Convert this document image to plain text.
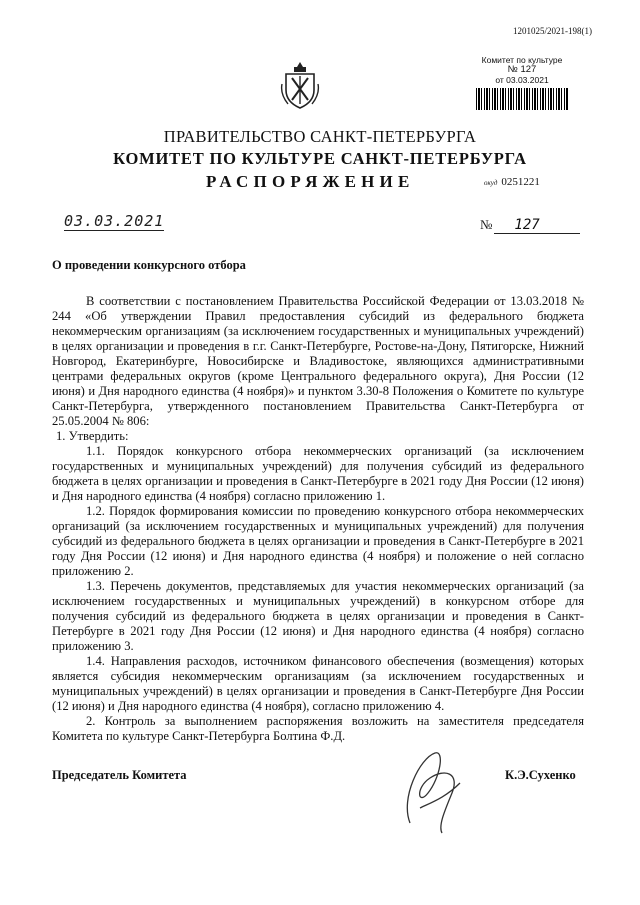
1201025/2021-198(1)
Комитет по культуре
№ 127
от 03.03.2021
ПРАВИТЕЛЬСТВО САНКТ-ПЕТЕРБУРГА
КОМИТЕТ ПО КУЛЬТУРЕ САНКТ-ПЕТЕРБУРГА
РАСПОРЯЖЕНИЕ	окуд 0251221
03.03.2021	№ 127
О проведении конкурсного отбора

В соответствии с постановлением Правительства Российской Федерации от 13.03.2018 № 244 «Об утверждении Правил предоставления субсидий из федерального бюджета некоммерческим организациям (за исключением государственных и муниципальных учреждений) в целях организации и проведения в г.г. Санкт-Петербурге, Ростове-на-Дону, Пятигорске, Нижний Новгород, Екатеринбурге, Новосибирске и Владивостоке, являющихся административными центрами федеральных округов (кроме Центрального федерального округа), Дня России (12 июня) и Дня народного единства (4 ноября)» и пунктом 3.30-8 Положения о Комитете по культуре Санкт-Петербурга, утвержденного постановлением Правительства Санкт-Петербурга от 25.05.2004 № 806:

1. Утвердить:

1.1. Порядок конкурсного отбора некоммерческих организаций (за исключением государственных и муниципальных учреждений) для получения субсидий из федерального бюджета в целях организации и проведения в Санкт-Петербурге в 2021 году Дня России (12 июня) и Дня народного единства (4 ноября) согласно приложению 1.

1.2. Порядок формирования комиссии по проведению конкурсного отбора некоммерческих организаций (за исключением государственных и муниципальных учреждений) для получения субсидий из федерального бюджета в целях организации и проведения в Санкт-Петербурге в 2021 году Дня России (12 июня) и Дня народного единства (4 ноября) и положение о ней согласно приложению 2.

1.3. Перечень документов, представляемых для участия некоммерческих организаций (за исключением государственных и муниципальных учреждений) в конкурсном отборе для получения субсидий из федерального бюджета в целях организации и проведения в Санкт-Петербурге в 2021 году Дня России (12 июня) и Дня народного единства (4 ноября) согласно приложению 3.

1.4. Направления расходов, источником финансового обеспечения (возмещения) которых является субсидия некоммерческим организациям (за исключением государственных и муниципальных учреждений) в целях организации и проведения в Санкт-Петербурге Дня России (12 июня) и Дня народного единства (4 ноября), согласно приложению 4.

2. Контроль за выполнением распоряжения возложить на заместителя председателя Комитета по культуре Санкт-Петербурга Болтина Ф.Д.

Председатель Комитета	К.Э.Сухенко
